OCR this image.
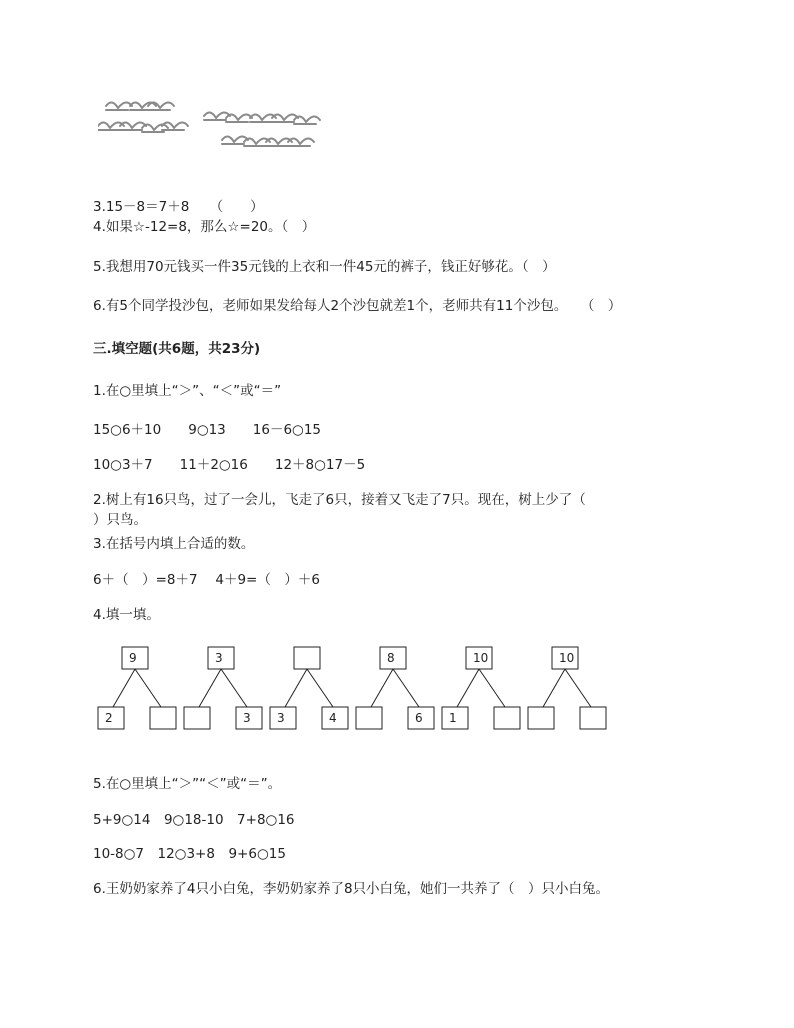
3.15－8＝7＋8　　（　　）
4.如果☆-12=8，那么☆=20。（　）
5.我想用70元钱买一件35元钱的上衣和一件45元的裤子，钱正好够花。（　）
6.有5个同学投沙包，老师如果发给每人2个沙包就差1个，老师共有11个沙包。　　（　）
三.填空题(共6题，共23分)
1.在○里填上“＞”、“＜”或“＝”
15○6＋10　　9○13　　16－6○15
10○3＋7　　11＋2○16　　12＋8○17－5
2.树上有16只鸟，过了一会儿，飞走了6只，接着又飞走了7只。现在，树上少了（
）只鸟。
3.在括号内填上合适的数。
6＋（　）=8＋7　 4＋9=（　）＋6
4.填一填。
9
2
3
3 3	4
8
6
10
1
10
5.在○里填上“＞”“＜”或“＝”。
5+9○14　9○18-10　7+8○16
10-8○7　12○3+8　9+6○15
6.王奶奶家养了4只小白兔，李奶奶家养了8只小白兔，她们一共养了（　）只小白兔。
